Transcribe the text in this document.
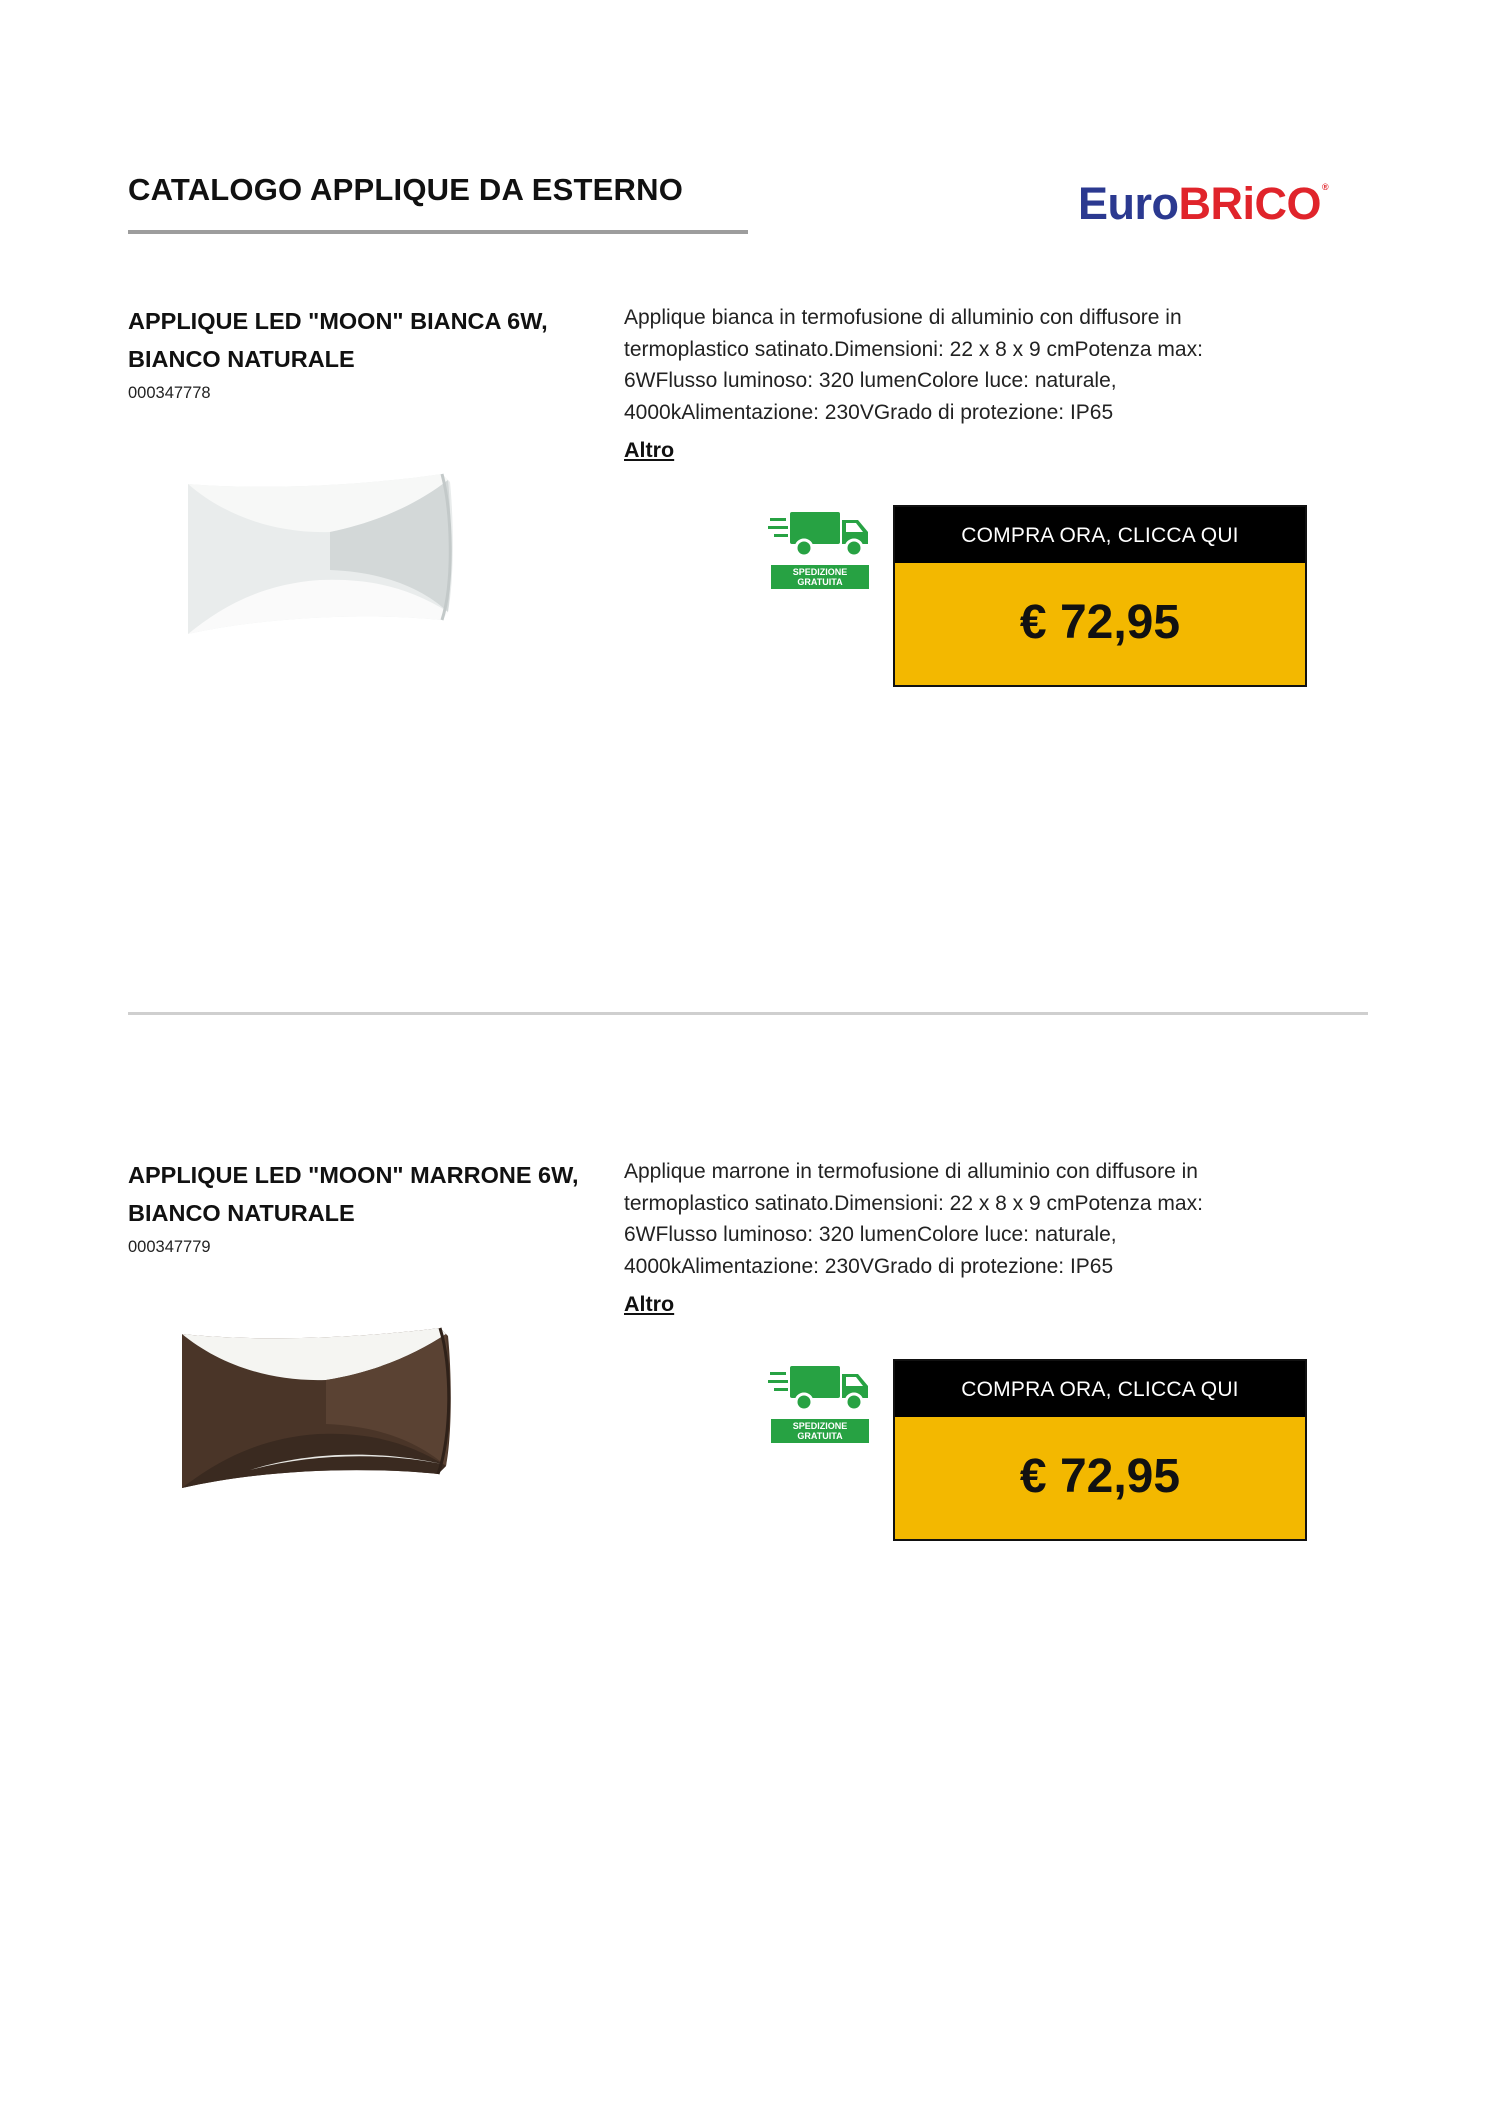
CATALOGO APPLIQUE DA ESTERNO	EuroBRiCO®
APPLIQUE LED "MOON" BIANCA 6W, BIANCO NATURALE
000347778
Applique bianca in termofusione di alluminio con diffusore in termoplastico satinato.Dimensioni: 22 x 8 x 9 cmPotenza max: 6WFlusso luminoso: 320 lumenColore luce: naturale, 4000kAlimentazione: 230VGrado di protezione: IP65
Altro
SPEDIZIONE
GRATUITA
COMPRA ORA, CLICCA QUI
€ 72,95
APPLIQUE LED "MOON" MARRONE 6W, BIANCO NATURALE
000347779
Applique marrone in termofusione di alluminio con diffusore in termoplastico satinato.Dimensioni: 22 x 8 x 9 cmPotenza max: 6WFlusso luminoso: 320 lumenColore luce: naturale, 4000kAlimentazione: 230VGrado di protezione: IP65
Altro
SPEDIZIONE
GRATUITA
COMPRA ORA, CLICCA QUI
€ 72,95
